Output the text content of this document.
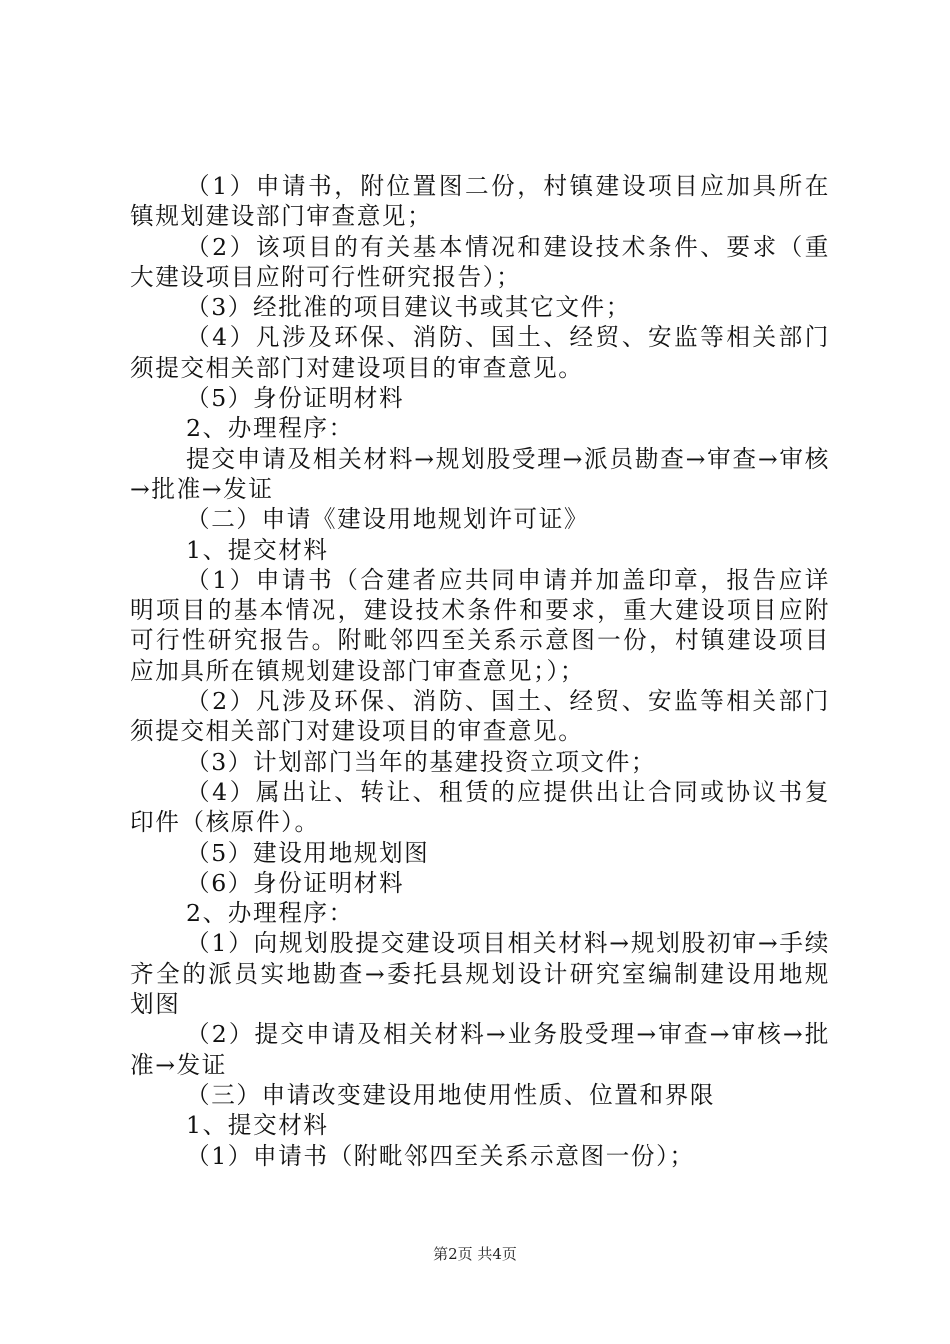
（1）申请书，附位置图二份，村镇建设项目应加具所在镇规划建设部门审查意见；

（2）该项目的有关基本情况和建设技术条件、要求（重大建设项目应附可行性研究报告）；

（3）经批准的项目建议书或其它文件；

（4）凡涉及环保、消防、国土、经贸、安监等相关部门须提交相关部门对建设项目的审查意见。

（5）身份证明材料

2、办理程序：

提交申请及相关材料→规划股受理→派员勘查→审查→审核→批准→发证

（二）申请《建设用地规划许可证》

1、提交材料

（1）申请书（合建者应共同申请并加盖印章，报告应详明项目的基本情况，建设技术条件和要求，重大建设项目应附可行性研究报告。附毗邻四至关系示意图一份，村镇建设项目应加具所在镇规划建设部门审查意见；）；

（2）凡涉及环保、消防、国土、经贸、安监等相关部门须提交相关部门对建设项目的审查意见。

（3）计划部门当年的基建投资立项文件；

（4）属出让、转让、租赁的应提供出让合同或协议书复印件（核原件）。

（5）建设用地规划图

（6）身份证明材料

2、办理程序：

（1）向规划股提交建设项目相关材料→规划股初审→手续齐全的派员实地勘查→委托县规划设计研究室编制建设用地规划图

（2）提交申请及相关材料→业务股受理→审查→审核→批准→发证

（三）申请改变建设用地使用性质、位置和界限

1、提交材料

（1）申请书（附毗邻四至关系示意图一份）；

第2页 共4页
